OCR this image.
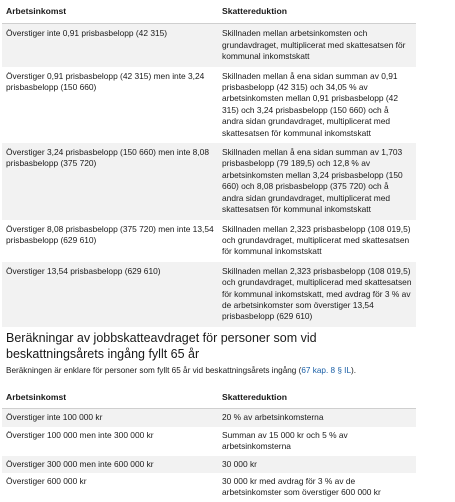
Arbetsinkomst	Skattereduktion
Överstiger inte 0,91 prisbasbelopp (42 315)	Skillnaden mellan arbetsinkomsten och grundavdraget, multiplicerat med skattesatsen för kommunal inkomstskatt
Överstiger 0,91 prisbasbelopp (42 315) men inte 3,24 prisbasbelopp (150 660)	Skillnaden mellan å ena sidan summan av 0,91 prisbasbelopp (42 315) och 34,05 % av arbetsinkomsten mellan 0,91 prisbasbelopp (42 315) och 3,24 prisbasbelopp (150 660) och å andra sidan grundavdraget, multiplicerat med skattesatsen för kommunal inkomstskatt
Överstiger 3,24 prisbasbelopp (150 660) men inte 8,08 prisbasbelopp (375 720)	Skillnaden mellan å ena sidan summan av 1,703 prisbasbelopp (79 189,5) och 12,8 % av arbetsinkomsten mellan 3,24 prisbasbelopp (150 660) och 8,08 prisbasbelopp (375 720) och å andra sidan grundavdraget, multiplicerat med skattesatsen för kommunal inkomstskatt
Överstiger 8,08 prisbasbelopp (375 720) men inte 13,54 prisbasbelopp (629 610)	Skillnaden mellan 2,323 prisbasbelopp (108 019,5) och grundavdraget, multiplicerat med skattesatsen för kommunal inkomstskatt
Överstiger 13,54 prisbasbelopp (629 610)	Skillnaden mellan 2,323 prisbasbelopp (108 019,5) och grundavdraget, multiplicerad med skattesatsen för kommunal inkomstskatt, med avdrag för 3 % av de arbetsinkomster som överstiger 13,54 prisbasbelopp (629 610)
Beräkningar av jobbskatteavdraget för personer som vid beskattningsårets ingång fyllt 65 år

Beräkningen är enklare för personer som fyllt 65 år vid beskattningsårets ingång (67 kap. 8 § IL).

Arbetsinkomst	Skattereduktion
Överstiger inte 100 000 kr	20 % av arbetsinkomsterna
Överstiger 100 000 men inte 300 000 kr	Summan av 15 000 kr och 5 % av arbetsinkomsterna
Överstiger 300 000 men inte 600 000 kr	30 000 kr
Överstiger 600 000 kr	30 000 kr med avdrag för 3 % av de arbetsinkomster som överstiger 600 000 kr
